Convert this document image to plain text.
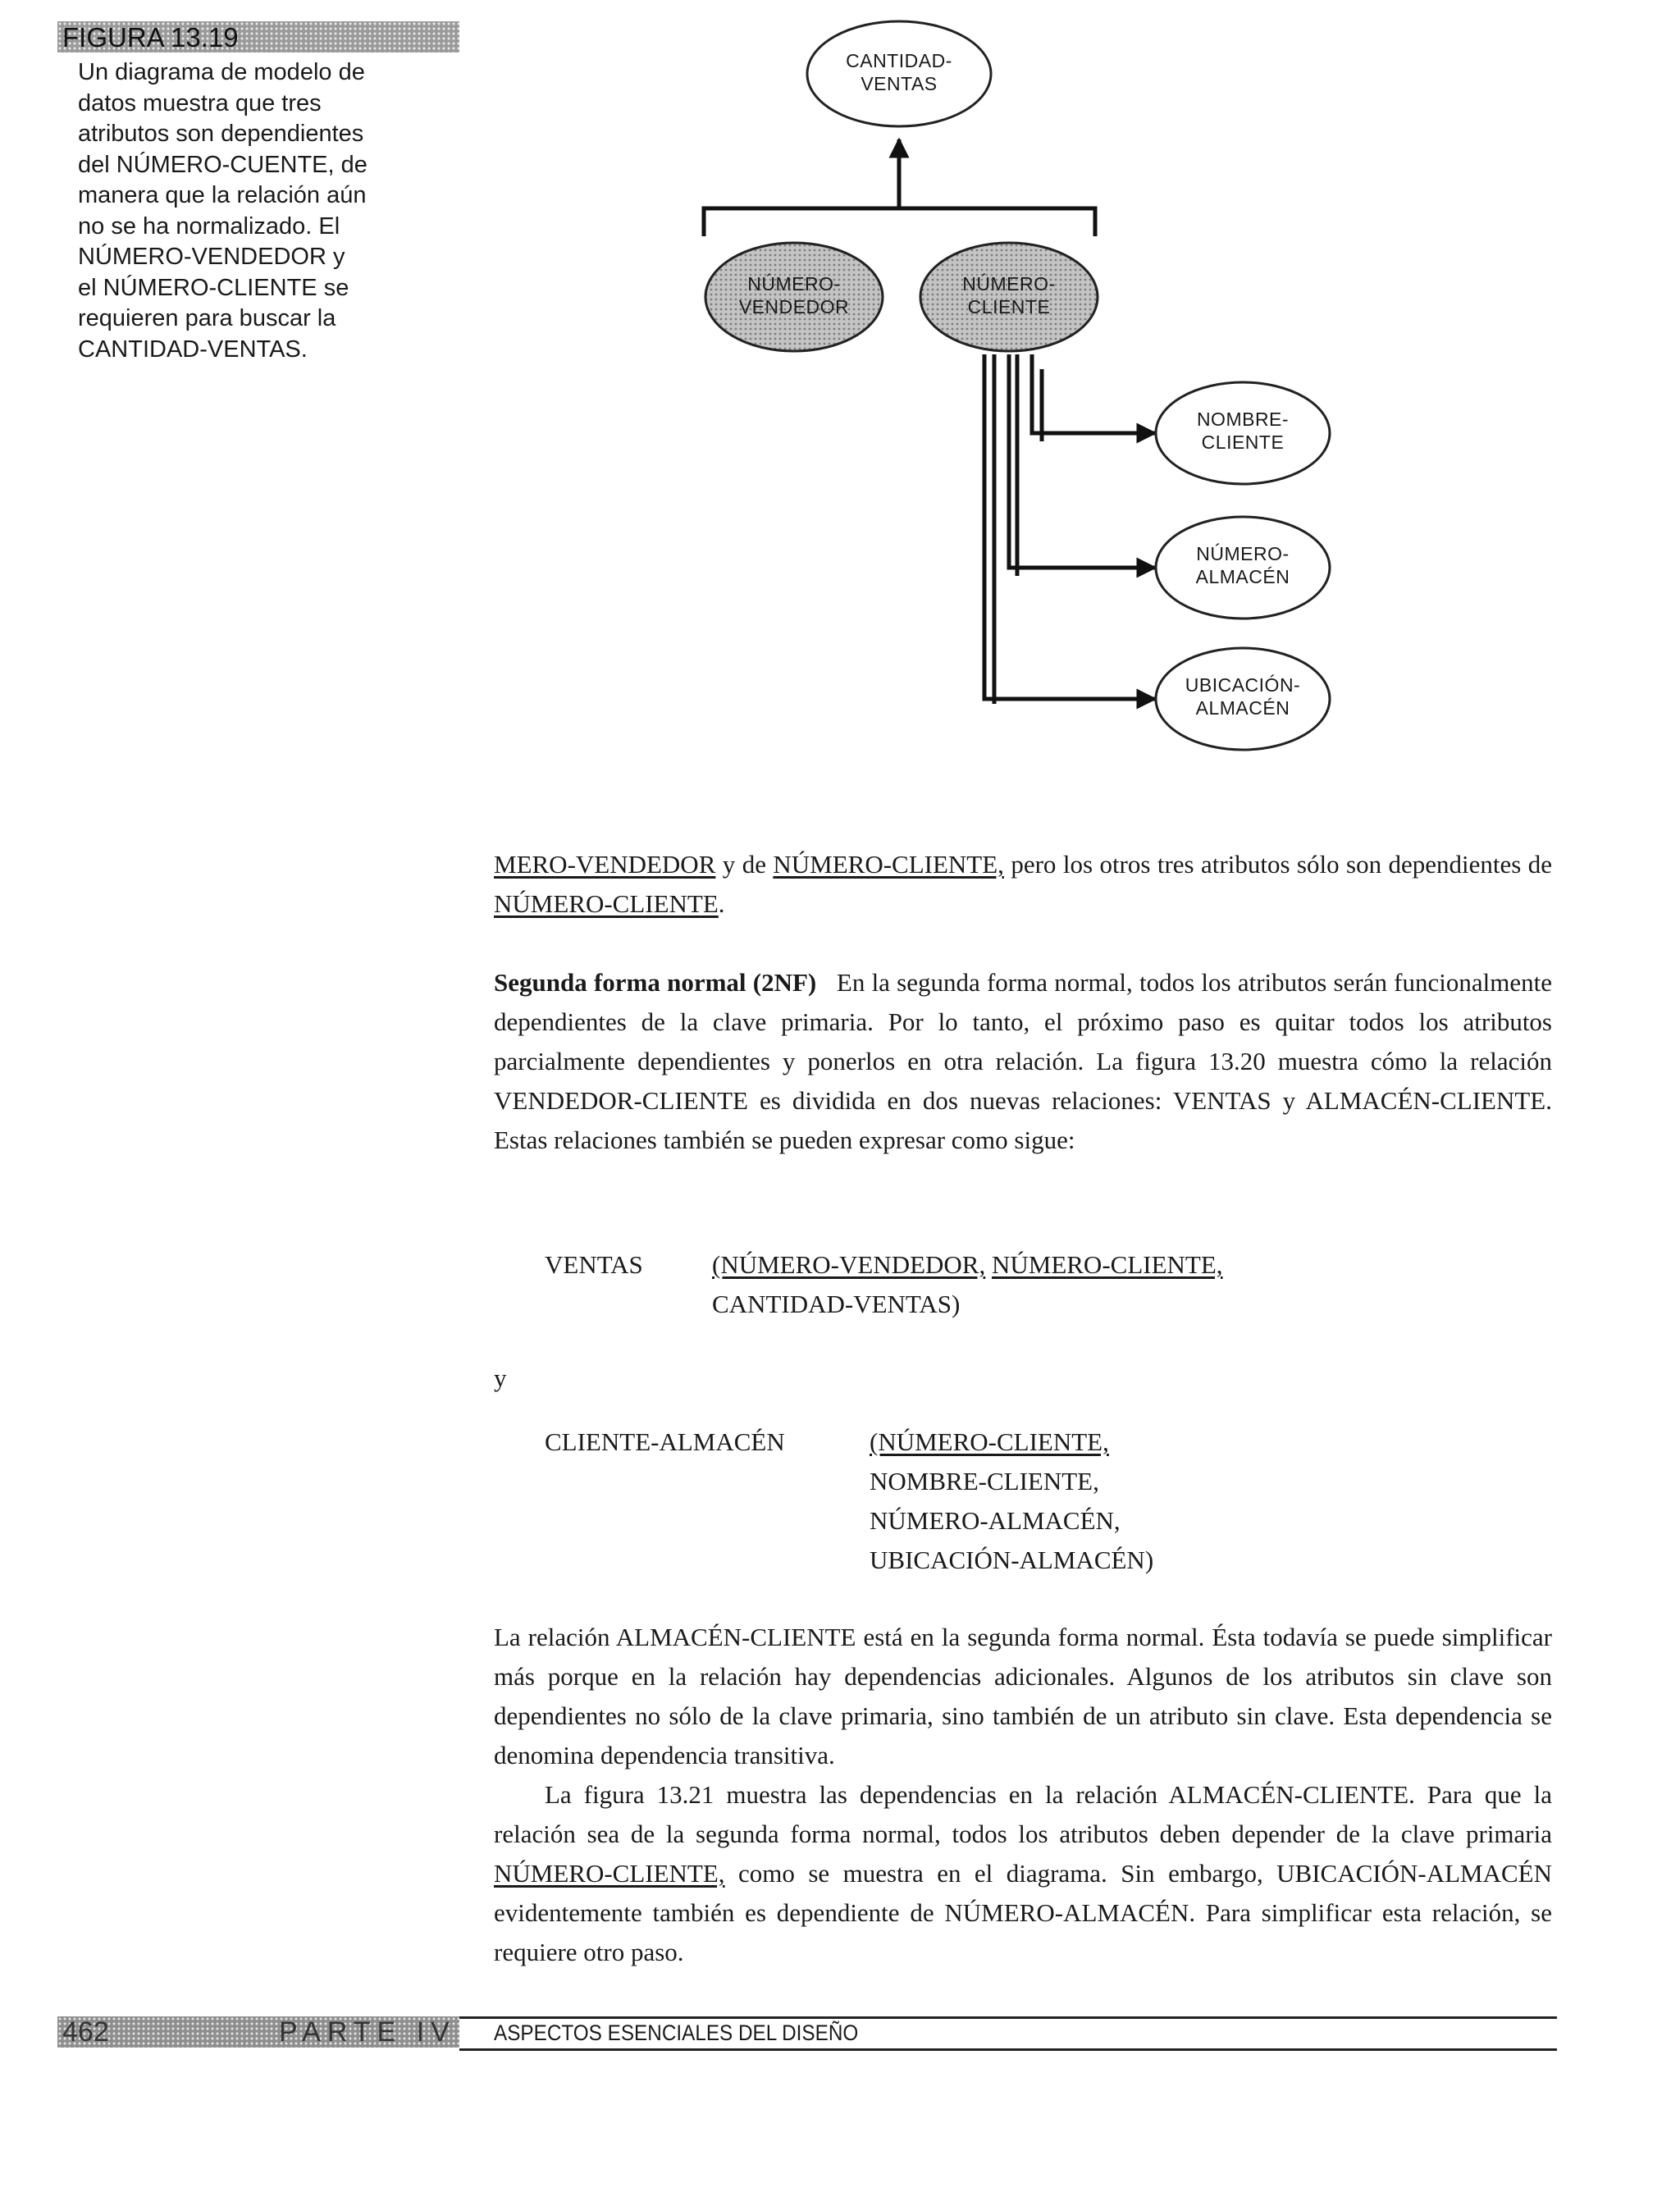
FIGURA 13.19
Un diagrama de modelo de
datos muestra que tres
atributos son dependientes
del NÚMERO-CUENTE, de
manera que la relación aún
no se ha normalizado. El
NÚMERO-VENDEDOR y
el NÚMERO-CLIENTE se
requieren para buscar la
CANTIDAD-VENTAS.
CANTIDAD-
VENTAS
NÚMERO-
VENDEDOR
NÚMERO-
CLIENTE
NOMBRE-
CLIENTE
NÚMERO-
ALMACÉN
UBICACIÓN-
ALMACÉN
MERO-VENDEDOR y de NÚMERO-CLIENTE, pero los otros tres atributos sólo son dependientes de NÚMERO-CLIENTE.
Segunda forma normal (2NF) En la segunda forma normal, todos los atributos serán funcionalmente dependientes de la clave primaria. Por lo tanto, el próximo paso es quitar todos los atributos parcialmente dependientes y ponerlos en otra relación. La figura 13.20 muestra cómo la relación VENDEDOR-CLIENTE es dividida en dos nuevas relaciones: VENTAS y ALMACÉN-CLIENTE. Estas relaciones también se pueden expresar como sigue:
VENTAS	(NÚMERO-VENDEDOR, NÚMERO-CLIENTE,
CANTIDAD-VENTAS)
y
CLIENTE-ALMACÉN	(NÚMERO-CLIENTE,
NOMBRE-CLIENTE,
NÚMERO-ALMACÉN,
UBICACIÓN-ALMACÉN)
La relación ALMACÉN-CLIENTE está en la segunda forma normal. Ésta todavía se puede simplificar más porque en la relación hay dependencias adicionales. Algunos de los atributos sin clave son dependientes no sólo de la clave primaria, sino también de un atributo sin clave. Esta dependencia se denomina dependencia transitiva.
La figura 13.21 muestra las dependencias en la relación ALMACÉN-CLIENTE. Para que la relación sea de la segunda forma normal, todos los atributos deben depender de la clave primaria NÚMERO-CLIENTE, como se muestra en el diagrama. Sin embargo, UBICACIÓN-ALMACÉN evidentemente también es dependiente de NÚMERO-ALMACÉN. Para simplificar esta relación, se requiere otro paso.
462	PARTE IV ASPECTOS ESENCIALES DEL DISEÑO
